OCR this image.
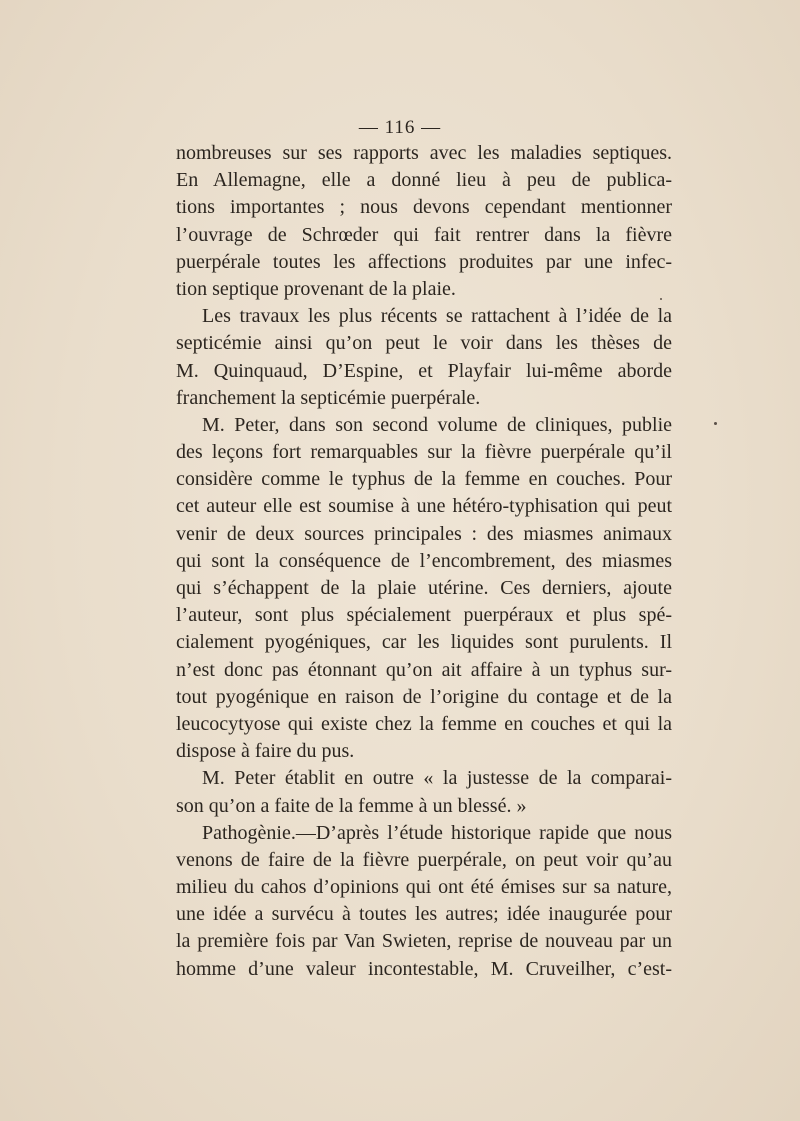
— 116 —
nombreuses sur ses rapports avec les maladies septiques.
En Allemagne, elle a donné lieu à peu de publica-
tions importantes ; nous devons cependant mentionner
l’ouvrage de Schrœder qui fait rentrer dans la fièvre
puerpérale toutes les affections produites par une infec-
tion septique provenant de la plaie.
Les travaux les plus récents se rattachent à l’idée de la
septicémie ainsi qu’on peut le voir dans les thèses de
M. Quinquaud, D’Espine, et Playfair lui-même aborde
franchement la septicémie puerpérale.
M. Peter, dans son second volume de cliniques, publie
des leçons fort remarquables sur la fièvre puerpérale qu’il
considère comme le typhus de la femme en couches. Pour
cet auteur elle est soumise à une hétéro-typhisation qui peut
venir de deux sources principales : des miasmes animaux
qui sont la conséquence de l’encombrement, des miasmes
qui s’échappent de la plaie utérine. Ces derniers, ajoute
l’auteur, sont plus spécialement puerpéraux et plus spé-
cialement pyogéniques, car les liquides sont purulents. Il
n’est donc pas étonnant qu’on ait affaire à un typhus sur-
tout pyogénique en raison de l’origine du contage et de la
leucocytyose qui existe chez la femme en couches et qui la
dispose à faire du pus.
M. Peter établit en outre « la justesse de la comparai-
son qu’on a faite de la femme à un blessé. »
Pathogènie.—D’après l’étude historique rapide que nous
venons de faire de la fièvre puerpérale, on peut voir qu’au
milieu du cahos d’opinions qui ont été émises sur sa nature,
une idée a survécu à toutes les autres; idée inaugurée pour
la première fois par Van Swieten, reprise de nouveau par un
homme d’une valeur incontestable, M. Cruveilher, c’est-
